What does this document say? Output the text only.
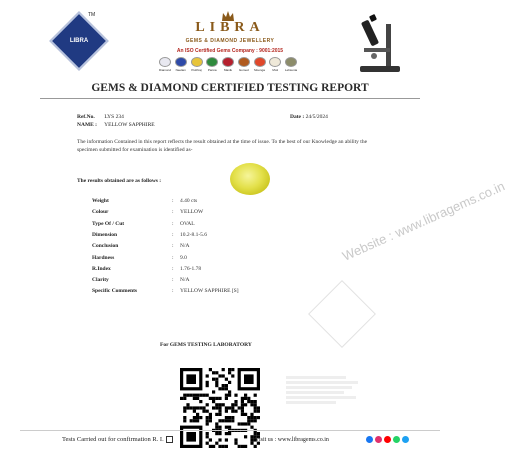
LIBRA
TM
LIBRA
GEMS & DIAMOND JEWELLERY
An ISO Certified Gems Company : 9001:2015
Diamond Neelam Pukhraj Panna Manik Gomed Moonga Moti Lehsunia
GEMS & DIAMOND CERTIFIED TESTING REPORT
Ref.No. LYS 234	Date : 24/5/2024
NAME : YELLOW SAPPHIRE
The information Contained in this report reflects the result obtained at the time of issue. To the best of our Knowledge an ability the specimen submitted for examination is identified as-
The results obtained are as follows :
Weight	: 4.40 cts
Colour	: YELLOW
Type Of / Cut	: OVAL
Dimension	: 10.2-8.1-5.6
Conclusion	: N/A
Hardness	: 9.0
R.Index	: 1.76-1.78
Clarity	: N/A
Specific Comments	: YELLOW SAPPHIRE [S]
Website : www.libragems.co.in
For GEMS TESTING LABORATORY
Tests Carried out for confirmation R. I.	Visit us : www.libragems.co.in
